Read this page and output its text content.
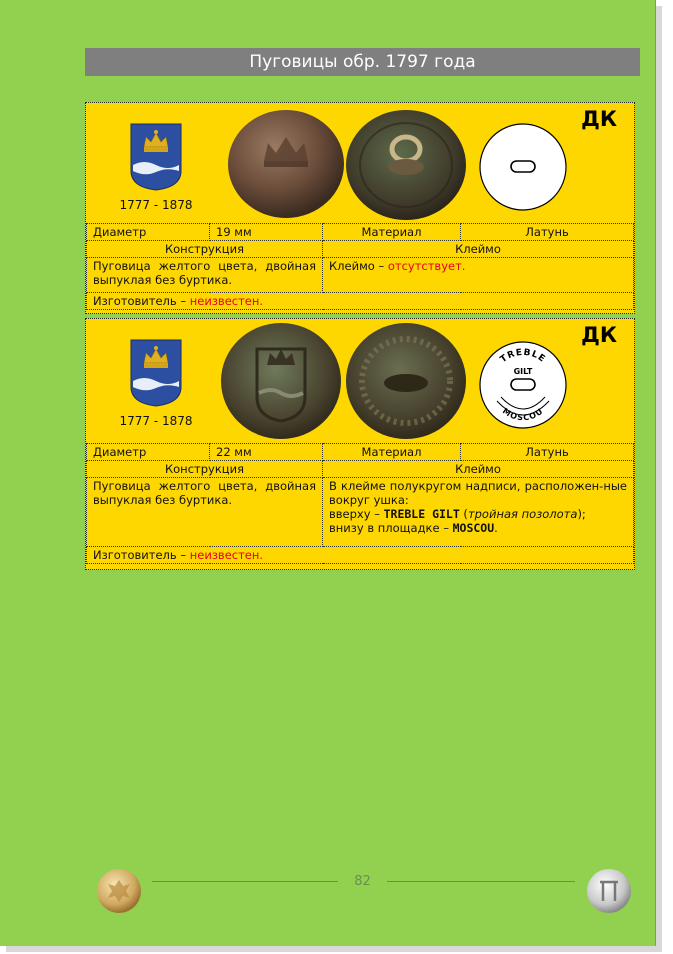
Пуговицы обр. 1797 года
1777 - 1878
ДК
Диаметр	19 мм	Материал	Латунь
Конструкция		Клеймо	
Пуговица желтого цвета, двойная выпуклая без буртика.		Клеймо – отсутствует.	
Изготовитель – неизвестен.			
1777 - 1878
TREBLE
GILT
MOSCOU
ДК
Диаметр	22 мм	Материал	Латунь
Конструкция		Клеймо	
Пуговица желтого цвета, двойная выпуклая без буртика.		В клейме полукругом надписи, расположен-ные вокруг ушка:
вверху – TREBLE GILT (тройная позолота);
внизу в площадке – MOSCOU.	

Изготовитель – неизвестен.			
82
